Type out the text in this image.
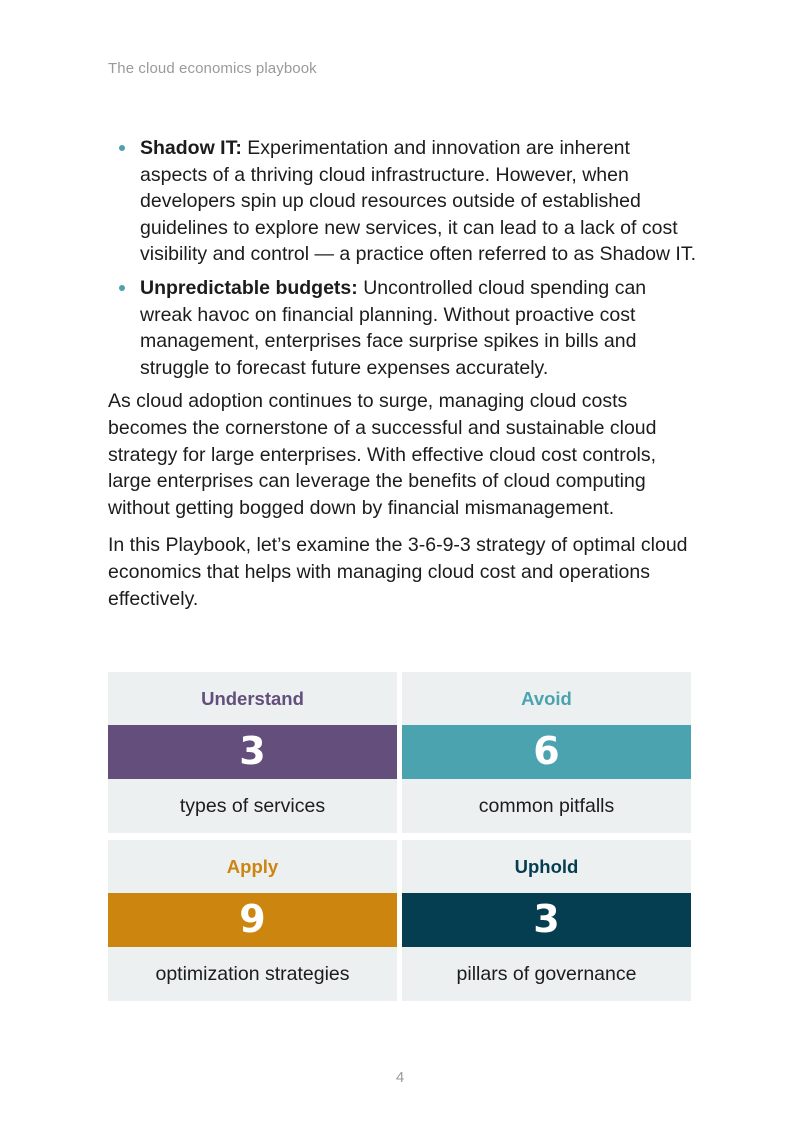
The cloud economics playbook
Shadow IT: Experimentation and innovation are inherent aspects of a thriving cloud infrastructure. However, when developers spin up cloud resources outside of established guidelines to explore new services, it can lead to a lack of cost visibility and control — a practice often referred to as Shadow IT.
Unpredictable budgets: Uncontrolled cloud spending can wreak havoc on financial planning. Without proactive cost management, enterprises face surprise spikes in bills and struggle to forecast future expenses accurately.

As cloud adoption continues to surge, managing cloud costs becomes the cornerstone of a successful and sustainable cloud strategy for large enterprises. With effective cloud cost controls, large enterprises can leverage the benefits of cloud computing without getting bogged down by financial mismanagement.

In this Playbook, let’s examine the 3-6-9-3 strategy of optimal cloud economics that helps with managing cloud cost and operations effectively.

Understand
3
types of services
Avoid
6
common pitfalls
Apply
9
optimization strategies
Uphold
3
pillars of governance
4
